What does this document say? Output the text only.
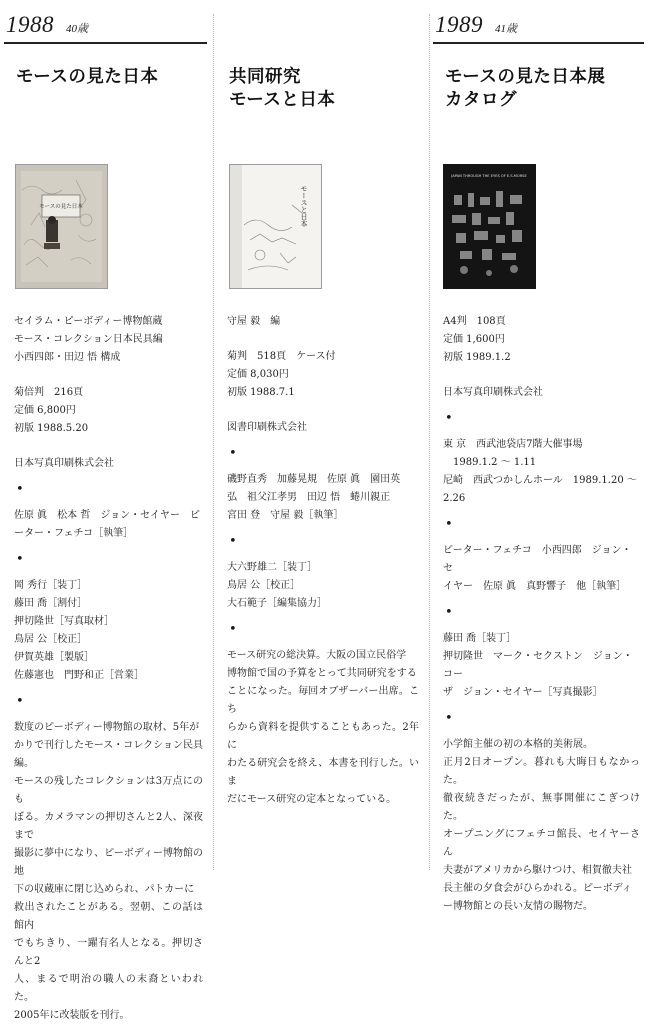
1988 40歳
モースの見た日本
モースの見た日本

セイラム・ピーボディー博物館蔵

モース・コレクション日本民具編

小西四郎・田辺 悟 構成

菊倍判　216頁

定価 6,800円

初版 1988.5.20

日本写真印刷株式会社

•

佐原 眞　松本 哲　ジョン・セイヤー　ピ

ーター・フェチコ［執筆］

•

岡 秀行［装丁］

藤田 喬［割付］

押切隆世［写真取材］

鳥居 公［校正］

伊賀英雄［製版］

佐藤憲也　門野和正［営業］

•

数度のピーボディー博物館の取材、5年が

かりで刊行したモース・コレクション民具編。

モースの残したコレクションは3万点にのも

ぼる。カメラマンの押切さんと2人、深夜まで

撮影に夢中になり、ピーボディー博物館の地

下の収蔵庫に閉じ込められ、パトカーに

救出されたことがある。翌朝、この話は館内

でもちきり、一躍有名人となる。押切さんと2

人、まるで明治の職人の末裔といわれた。

2005年に改装版を刊行。

共同研究
モースと日本
モースと日本

守屋 毅　編

菊判　518頁　ケース付

定価 8,030円

初版 1988.7.1

図書印刷株式会社

•

磯野直秀　加藤晃規　佐原 眞　園田英

弘　祖父江孝男　田辺 悟　蜷川親正

宮田 登　守屋 毅［執筆］

•

大六野雄二［装丁］

鳥居 公［校正］

大石範子［編集協力］

•

モース研究の総決算。大阪の国立民俗学

博物館で国の予算をとって共同研究をする

ことになった。毎回オブザーバー出席。こち

らから資料を提供することもあった。2年に

わたる研究会を終え、本書を刊行した。いま

だにモース研究の定本となっている。

1989 41歳
モースの見た日本展
カタログ
JAPAN THROUGH THE EYES OF E.S.MORSE

A4判　108頁

定価 1,600円

初版 1989.1.2

日本写真印刷株式会社

•

東 京　西武池袋店7階大催事場

　1989.1.2 〜 1.11

尼崎　西武つかしんホール　1989.1.20 〜

2.26

•

ピーター・フェチコ　小西四郎　ジョン・セ

イヤー　佐原 眞　真野響子　他［執筆］

•

藤田 喬［装丁］

押切隆世　マーク・セクストン　ジョン・コー

ザ　ジョン・セイヤー［写真撮影］

•

小学館主催の初の本格的美術展。

正月2日オープン。暮れも大晦日もなかった。

徹夜続きだったが、無事開催にこぎつけた。

オープニングにフェチコ館長、セイヤーさん

夫妻がアメリカから駆けつけ、相賀徹夫社

長主催の夕食会がひらかれる。ピーボディ

ー博物館との長い友情の賜物だ。
